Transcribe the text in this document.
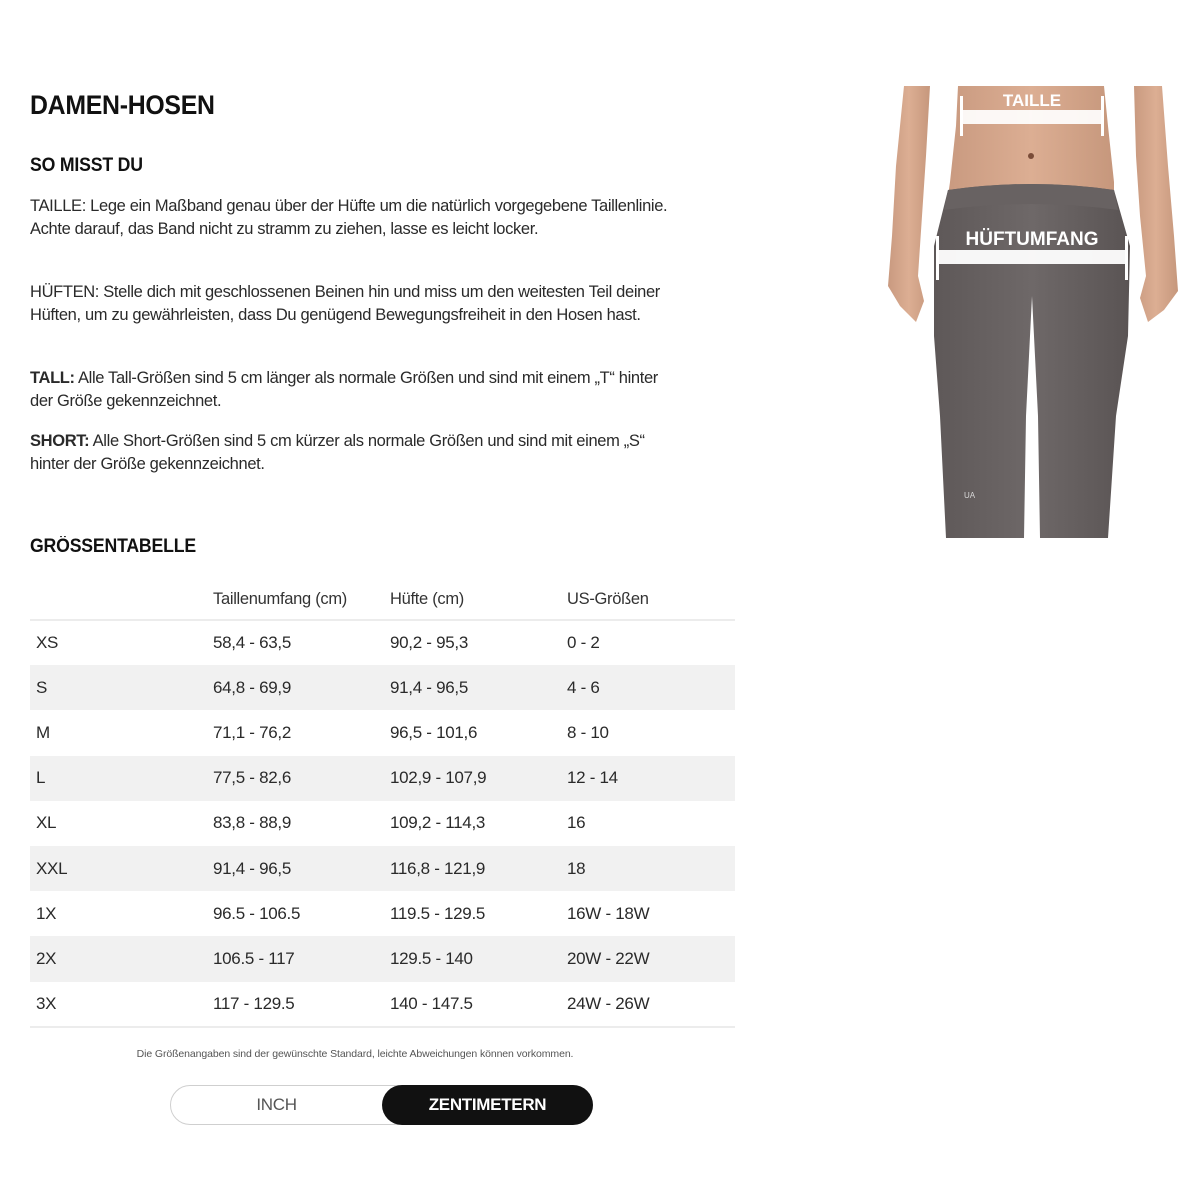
DAMEN-HOSEN
SO MISST DU

TAILLE: Lege ein Maßband genau über der Hüfte um die natürlich vorgegebene Taillenlinie. Achte darauf, das Band nicht zu stramm zu ziehen, lasse es leicht locker.

HÜFTEN: Stelle dich mit geschlossenen Beinen hin und miss um den weitesten Teil deiner Hüften, um zu gewährleisten, dass Du genügend Bewegungsfreiheit in den Hosen hast.

TALL: Alle Tall-Größen sind 5 cm länger als normale Größen und sind mit einem „T“ hinter der Größe gekennzeichnet.

SHORT: Alle Short-Größen sind 5 cm kürzer als normale Größen und sind mit einem „S“ hinter der Größe gekennzeichnet.

GRÖSSENTABELLE
	Taillenumfang (cm)	Hüfte (cm)	US-Größen
XS	58,4 - 63,5	90,2 - 95,3	0 - 2
S	64,8 - 69,9	91,4 - 96,5	4 - 6
M	71,1 - 76,2	96,5 - 101,6	8 - 10
L	77,5 - 82,6	102,9 - 107,9	12 - 14
XL	83,8 - 88,9	109,2 - 114,3	16
XXL	91,4 - 96,5	116,8 - 121,9	18
1X	96.5 - 106.5	119.5 - 129.5	16W - 18W
2X	106.5 - 117	129.5 - 140	20W - 22W
3X	117 - 129.5	140 - 147.5	24W - 26W

Die Größenangaben sind der gewünschte Standard, leichte Abweichungen können vorkommen.

INCH	ZENTIMETERN
TAILLE
HÜFTUMFANG
UA
